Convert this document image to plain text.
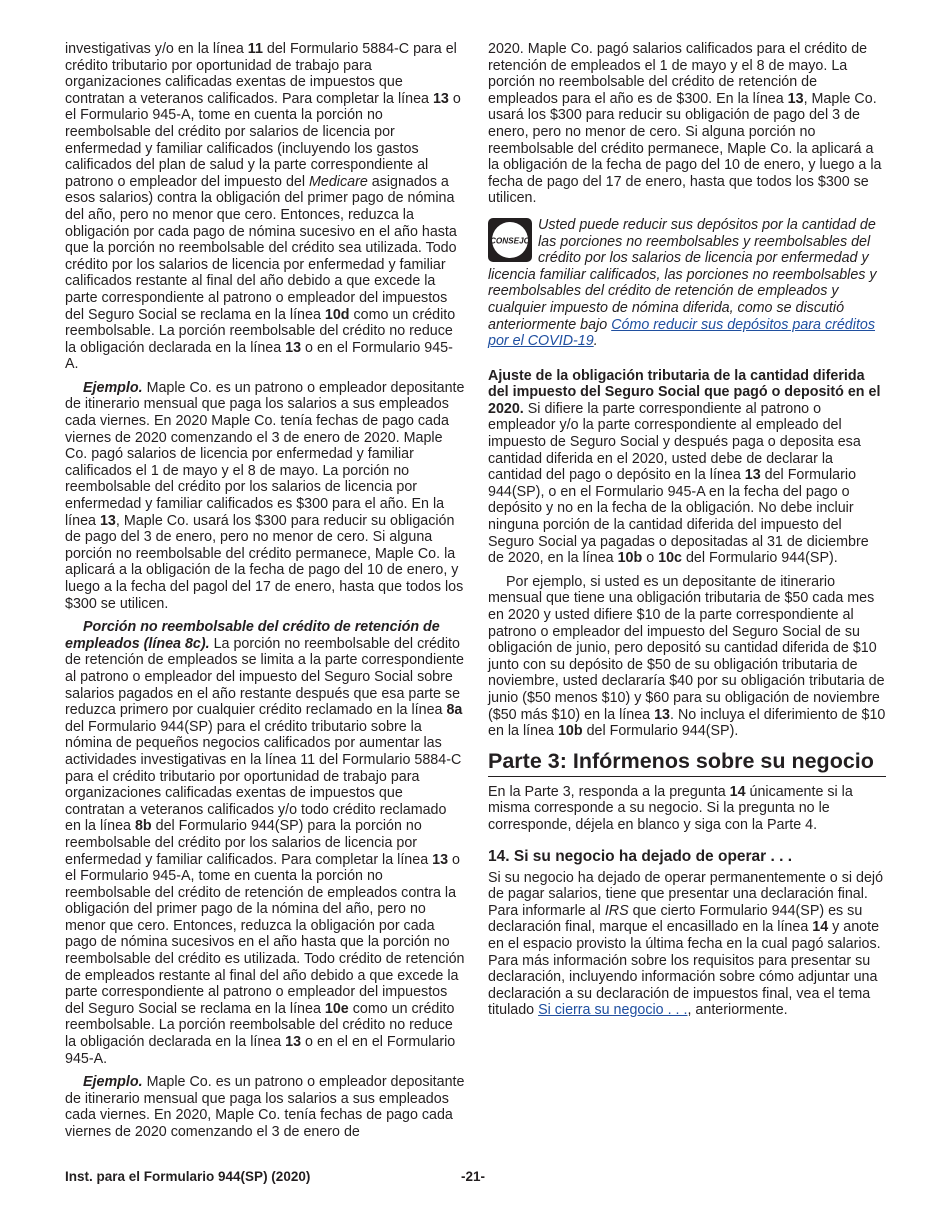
investigativas y/o en la línea 11 del Formulario 5884-C para el crédito tributario por oportunidad de trabajo para organizaciones calificadas exentas de impuestos que contratan a veteranos calificados. Para completar la línea 13 o el Formulario 945-A, tome en cuenta la porción no reembolsable del crédito por salarios de licencia por enfermedad y familiar calificados (incluyendo los gastos calificados del plan de salud y la parte correspondiente al patrono o empleador del impuesto del Medicare asignados a esos salarios) contra la obligación del primer pago de nómina del año, pero no menor que cero. Entonces, reduzca la obligación por cada pago de nómina sucesivo en el año hasta que la porción no reembolsable del crédito sea utilizada. Todo crédito por los salarios de licencia por enfermedad y familiar calificados restante al final del año debido a que excede la parte correspondiente al patrono o empleador del impuestos del Seguro Social se reclama en la línea 10d como un crédito reembolsable. La porción reembolsable del crédito no reduce la obligación declarada en la línea 13 o en el Formulario 945-A.

Ejemplo. Maple Co. es un patrono o empleador depositante de itinerario mensual que paga los salarios a sus empleados cada viernes. En 2020 Maple Co. tenía fechas de pago cada viernes de 2020 comenzando el 3 de enero de 2020. Maple Co. pagó salarios de licencia por enfermedad y familiar calificados el 1 de mayo y el 8 de mayo. La porción no reembolsable del crédito por los salarios de licencia por enfermedad y familiar calificados es $300 para el año. En la línea 13, Maple Co. usará los $300 para reducir su obligación de pago del 3 de enero, pero no menor de cero. Si alguna porción no reembolsable del crédito permanece, Maple Co. la aplicará a la obligación de la fecha de pago del 10 de enero, y luego a la fecha del pagol del 17 de enero, hasta que todos los $300 se utilicen.

Porción no reembolsable del crédito de retención de empleados (línea 8c). La porción no reembolsable del crédito de retención de empleados se limita a la parte correspondiente al patrono o empleador del impuesto del Seguro Social sobre salarios pagados en el año restante después que esa parte se reduzca primero por cualquier crédito reclamado en la línea 8a del Formulario 944(SP) para el crédito tributario sobre la nómina de pequeños negocios calificados por aumentar las actividades investigativas en la línea 11 del Formulario 5884-C para el crédito tributario por oportunidad de trabajo para organizaciones calificadas exentas de impuestos que contratan a veteranos calificados y/o todo crédito reclamado en la línea 8b del Formulario 944(SP) para la porción no reembolsable del crédito por los salarios de licencia por enfermedad y familiar calificados. Para completar la línea 13 o el Formulario 945-A, tome en cuenta la porción no reembolsable del crédito de retención de empleados contra la obligación del primer pago de la nómina del año, pero no menor que cero. Entonces, reduzca la obligación por cada pago de nómina sucesivos en el año hasta que la porción no reembolsable del crédito es utilizada. Todo crédito de retención de empleados restante al final del año debido a que excede la parte correspondiente al patrono o empleador del impuestos del Seguro Social se reclama en la línea 10e como un crédito reembolsable. La porción reembolsable del crédito no reduce la obligación declarada en la línea 13 o en el en el Formulario 945-A.

Ejemplo. Maple Co. es un patrono o empleador depositante de itinerario mensual que paga los salarios a sus empleados cada viernes. En 2020, Maple Co. tenía fechas de pago cada viernes de 2020 comenzando el 3 de enero de

2020. Maple Co. pagó salarios calificados para el crédito de retención de empleados el 1 de mayo y el 8 de mayo. La porción no reembolsable del crédito de retención de empleados para el año es de $300. En la línea 13, Maple Co. usará los $300 para reducir su obligación de pago del 3 de enero, pero no menor de cero. Si alguna porción no reembolsable del crédito permanece, Maple Co. la aplicará a la obligación de la fecha de pago del 10 de enero, y luego a la fecha de pago del 17 de enero, hasta que todos los $300 se utilicen.

CONSEJO
Usted puede reducir sus depósitos por la cantidad de las porciones no reembolsables y reembolsables del crédito por los salarios de licencia por enfermedad y licencia familiar calificados, las porciones no reembolsables y reembolsables del crédito de retención de empleados y cualquier impuesto de nómina diferida, como se discutió anteriormente bajo Cómo reducir sus depósitos para créditos por el COVID-19.

Ajuste de la obligación tributaria de la cantidad diferida del impuesto del Seguro Social que pagó o depositó en el 2020. Si difiere la parte correspondiente al patrono o empleador y/o la parte correspondiente al empleado del impuesto de Seguro Social y después paga o deposita esa cantidad diferida en el 2020, usted debe de declarar la cantidad del pago o depósito en la línea 13 del Formulario 944(SP), o en el Formulario 945-A en la fecha del pago o depósito y no en la fecha de la obligación. No debe incluir ninguna porción de la cantidad diferida del impuesto del Seguro Social ya pagadas o depositadas al 31 de diciembre de 2020, en la línea 10b o 10c del Formulario 944(SP).

Por ejemplo, si usted es un depositante de itinerario mensual que tiene una obligación tributaria de $50 cada mes en 2020 y usted difiere $10 de la parte correspondiente al patrono o empleador del impuesto del Seguro Social de su obligación de junio, pero depositó su cantidad diferida de $10 junto con su depósito de $50 de su obligación tributaria de noviembre, usted declararía $40 por su obligación tributaria de junio ($50 menos $10) y $60 para su obligación de noviembre ($50 más $10) en la línea 13. No incluya el diferimiento de $10 en la línea 10b del Formulario 944(SP).

Parte 3: Infórmenos sobre su negocio

En la Parte 3, responda a la pregunta 14 únicamente si la misma corresponde a su negocio. Si la pregunta no le corresponde, déjela en blanco y siga con la Parte 4.

14. Si su negocio ha dejado de operar . . .

Si su negocio ha dejado de operar permanentemente o si dejó de pagar salarios, tiene que presentar una declaración final. Para informarle al IRS que cierto Formulario 944(SP) es su declaración final, marque el encasillado en la línea 14 y anote en el espacio provisto la última fecha en la cual pagó salarios. Para más información sobre los requisitos para presentar su declaración, incluyendo información sobre cómo adjuntar una declaración a su declaración de impuestos final, vea el tema titulado Si cierra su negocio . . ., anteriormente.

Inst. para el Formulario 944(SP) (2020)	-21-
